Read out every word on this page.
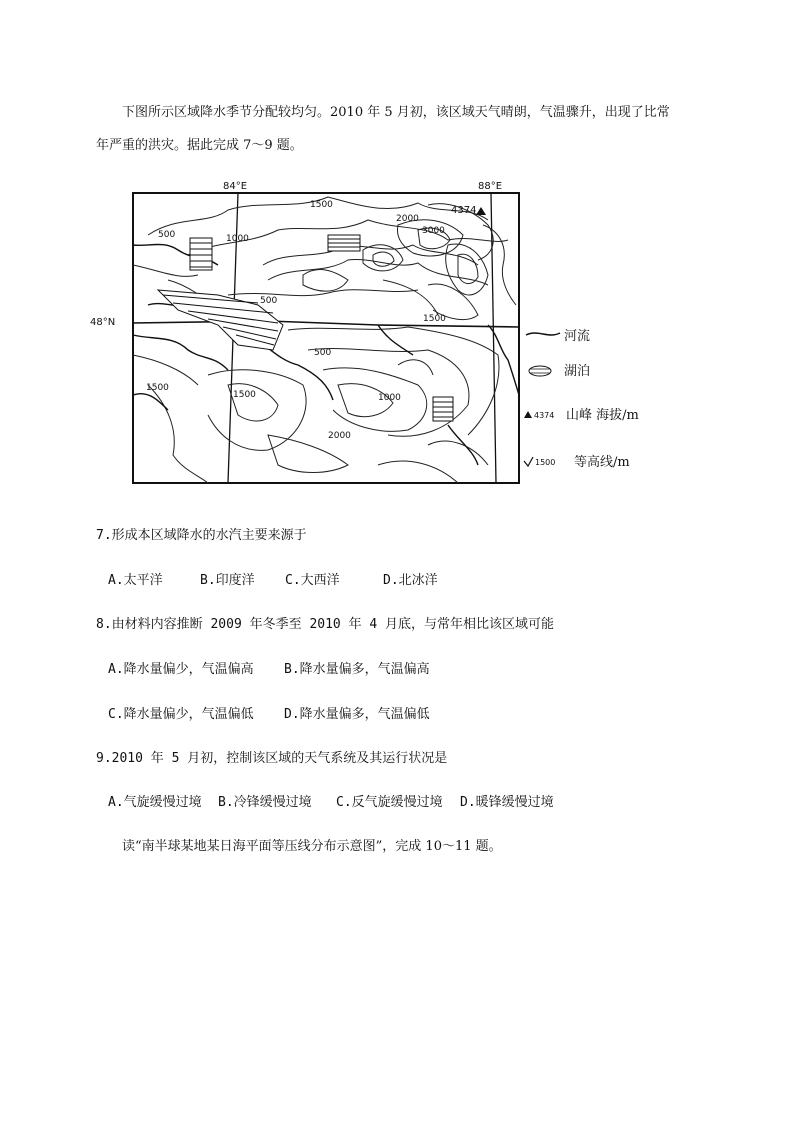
下图所示区域降水季节分配较均匀。2010 年 5 月初，该区域天气晴朗，气温骤升，出现了比常
年严重的洪灾。据此完成 7～9 题。
84°E	88°E
48°N
4374
1500
500	1000
2000
3000
500
1500
500
1000
1500
1500
2000
4374
1500
河流
湖泊
山峰 海拔/m
等高线/m
7.形成本区域降水的水汽主要来源于
A.太平洋	B.印度洋 C.大西洋	D.北冰洋
8.由材料内容推断 2009 年冬季至 2010 年 4 月底，与常年相比该区域可能
A.降水量偏少，气温偏高 B.降水量偏多，气温偏高
C.降水量偏少，气温偏低 D.降水量偏多，气温偏低
9.2010 年 5 月初，控制该区域的天气系统及其运行状况是
A.气旋缓慢过境 B.冷锋缓慢过境 C.反气旋缓慢过境 D.暖锋缓慢过境
读“南半球某地某日海平面等压线分布示意图”，完成 10～11 题。
